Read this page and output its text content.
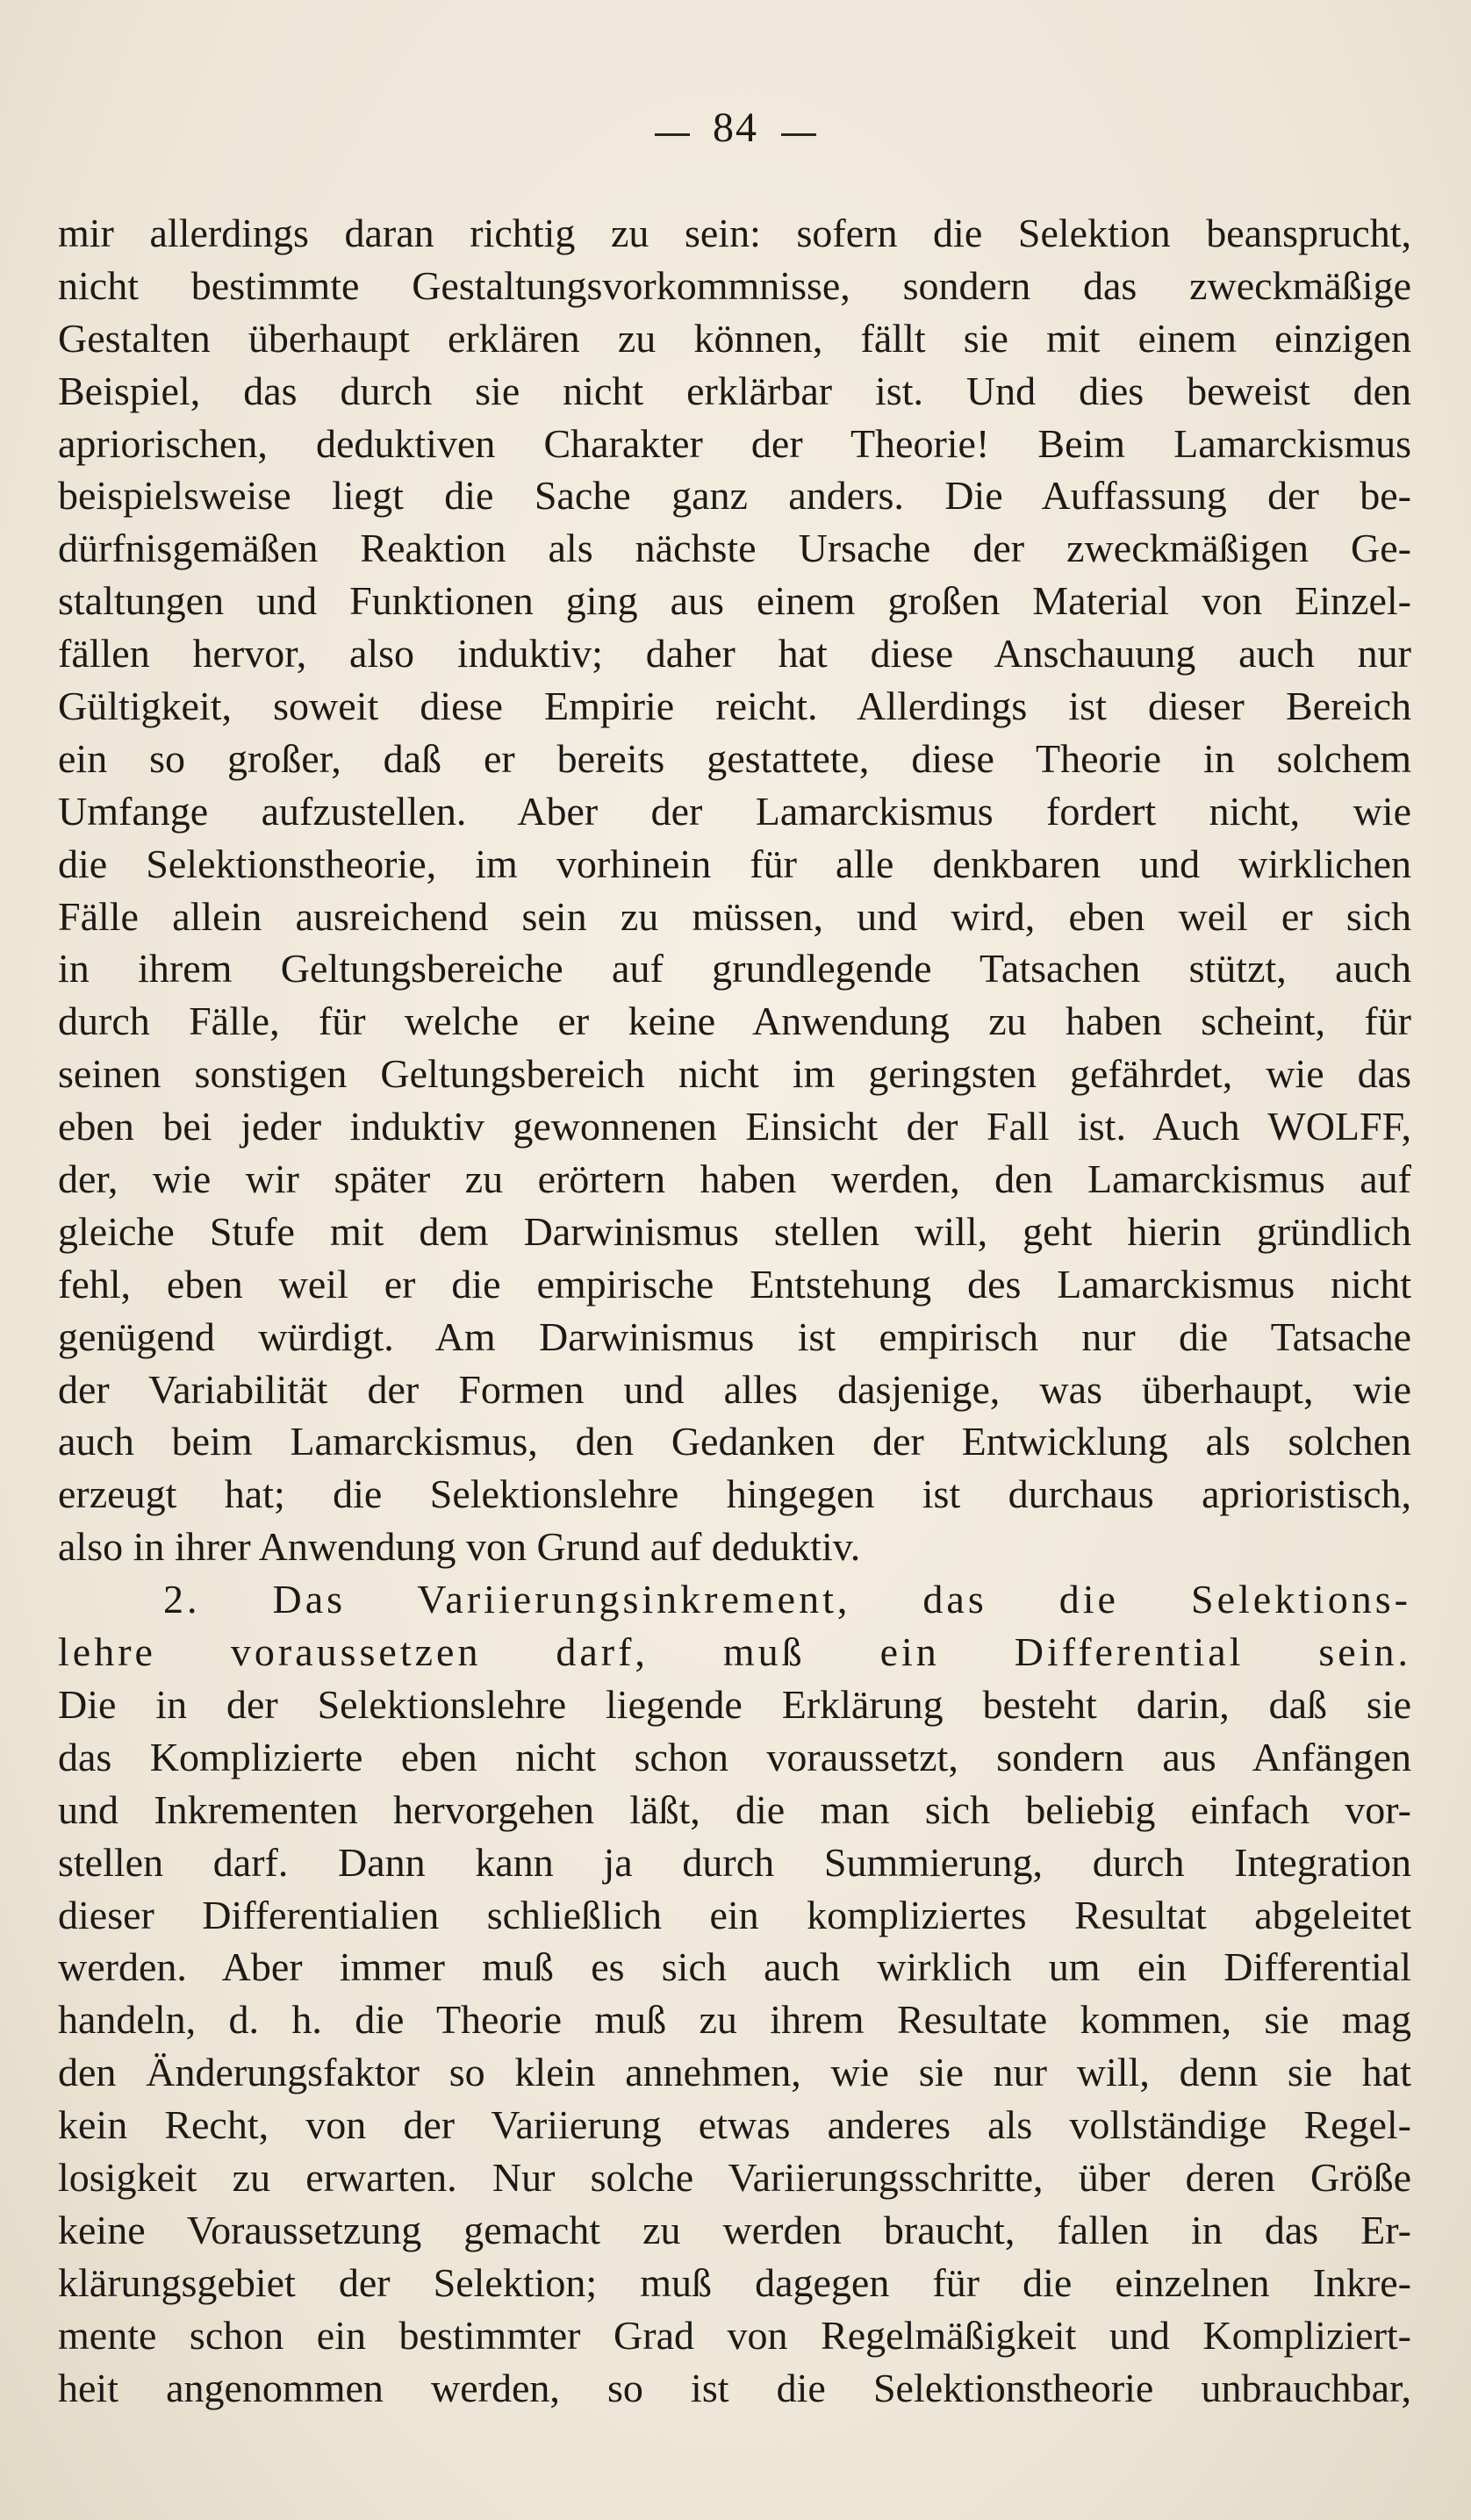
84
mir allerdings daran richtig zu sein: sofern die Selektion beansprucht,
nicht bestimmte Gestaltungsvorkommnisse, sondern das zweckmäßige
Gestalten überhaupt erklären zu können, fällt sie mit einem einzigen
Beispiel, das durch sie nicht erklärbar ist. Und dies beweist den
apriorischen, deduktiven Charakter der Theorie! Beim Lamarckismus
beispielsweise liegt die Sache ganz anders. Die Auffassung der be-
dürfnisgemäßen Reaktion als nächste Ursache der zweckmäßigen Ge-
staltungen und Funktionen ging aus einem großen Material von Einzel-
fällen hervor, also induktiv; daher hat diese Anschauung auch nur
Gültigkeit, soweit diese Empirie reicht. Allerdings ist dieser Bereich
ein so großer, daß er bereits gestattete, diese Theorie in solchem
Umfange aufzustellen. Aber der Lamarckismus fordert nicht, wie
die Selektionstheorie, im vorhinein für alle denkbaren und wirklichen
Fälle allein ausreichend sein zu müssen, und wird, eben weil er sich
in ihrem Geltungsbereiche auf grundlegende Tatsachen stützt, auch
durch Fälle, für welche er keine Anwendung zu haben scheint, für
seinen sonstigen Geltungsbereich nicht im geringsten gefährdet, wie das
eben bei jeder induktiv gewonnenen Einsicht der Fall ist. Auch WOLFF,
der, wie wir später zu erörtern haben werden, den Lamarckismus auf
gleiche Stufe mit dem Darwinismus stellen will, geht hierin gründlich
fehl, eben weil er die empirische Entstehung des Lamarckismus nicht
genügend würdigt. Am Darwinismus ist empirisch nur die Tatsache
der Variabilität der Formen und alles dasjenige, was überhaupt, wie
auch beim Lamarckismus, den Gedanken der Entwicklung als solchen
erzeugt hat; die Selektionslehre hingegen ist durchaus aprioristisch,
also in ihrer Anwendung von Grund auf deduktiv.
2. Das Variierungsinkrement, das die Selektions-
lehre voraussetzen darf, muß ein Differential sein.
Die in der Selektionslehre liegende Erklärung besteht darin, daß sie
das Komplizierte eben nicht schon voraussetzt, sondern aus Anfängen
und Inkrementen hervorgehen läßt, die man sich beliebig einfach vor-
stellen darf. Dann kann ja durch Summierung, durch Integration
dieser Differentialien schließlich ein kompliziertes Resultat abgeleitet
werden. Aber immer muß es sich auch wirklich um ein Differential
handeln, d. h. die Theorie muß zu ihrem Resultate kommen, sie mag
den Änderungsfaktor so klein annehmen, wie sie nur will, denn sie hat
kein Recht, von der Variierung etwas anderes als vollständige Regel-
losigkeit zu erwarten. Nur solche Variierungsschritte, über deren Größe
keine Voraussetzung gemacht zu werden braucht, fallen in das Er-
klärungsgebiet der Selektion; muß dagegen für die einzelnen Inkre-
mente schon ein bestimmter Grad von Regelmäßigkeit und Kompliziert-
heit angenommen werden, so ist die Selektionstheorie unbrauchbar,
